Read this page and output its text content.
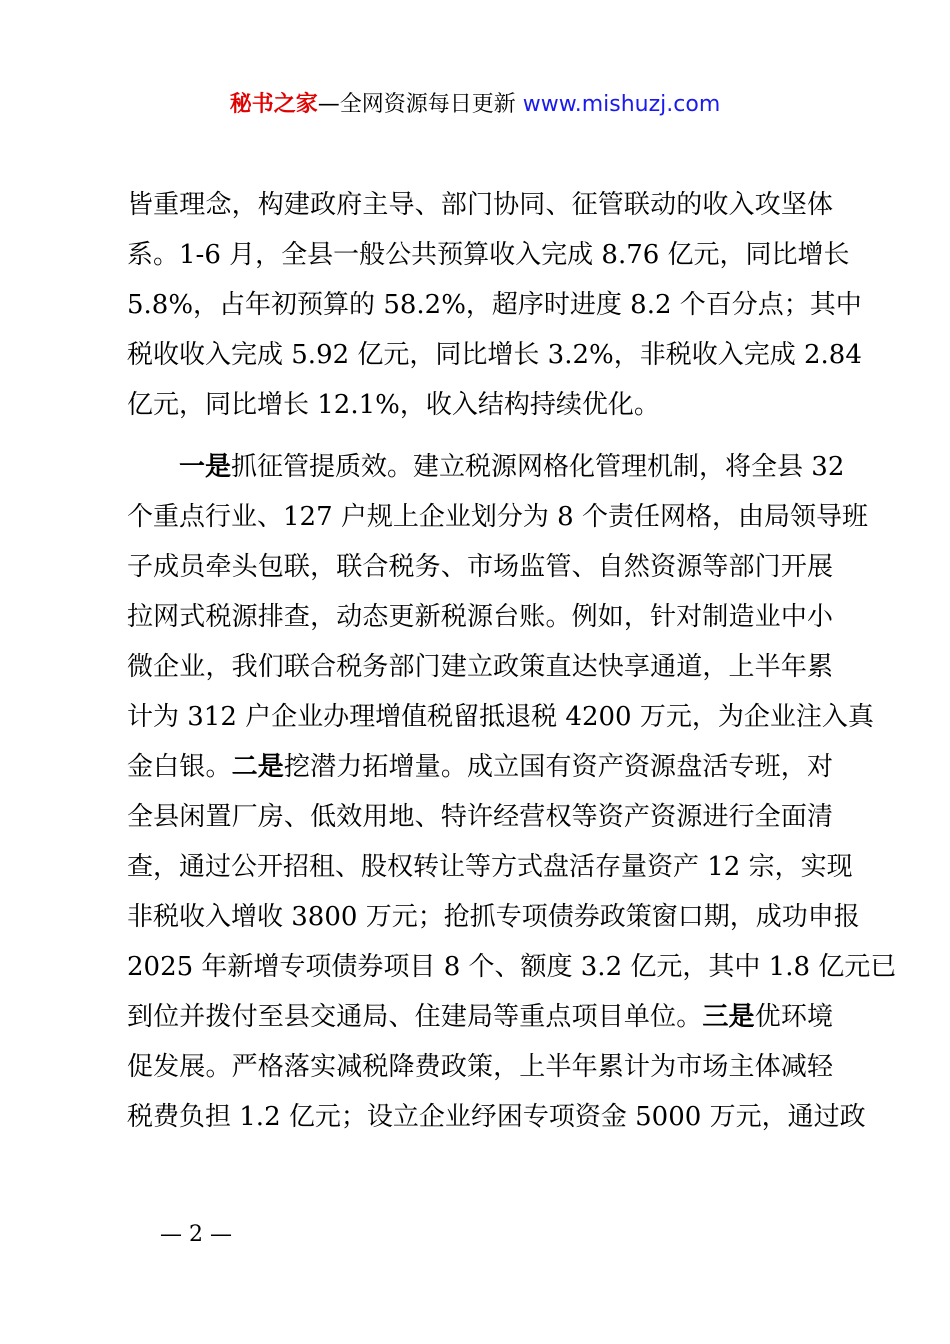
秘书之家—全网资源每日更新 www.mishuzj.com
皆重理念，构建政府主导、部门协同、征管联动的收入攻坚体
系。1-6 月，全县一般公共预算收入完成 8.76 亿元，同比增长
5.8%，占年初预算的 58.2%，超序时进度 8.2 个百分点；其中
税收收入完成 5.92 亿元，同比增长 3.2%，非税收入完成 2.84
亿元，同比增长 12.1%，收入结构持续优化。
一是抓征管提质效。建立税源网格化管理机制，将全县 32
个重点行业、127 户规上企业划分为 8 个责任网格，由局领导班
子成员牵头包联，联合税务、市场监管、自然资源等部门开展
拉网式税源排查，动态更新税源台账。例如，针对制造业中小
微企业，我们联合税务部门建立政策直达快享通道，上半年累
计为 312 户企业办理增值税留抵退税 4200 万元，为企业注入真
金白银。二是挖潜力拓增量。成立国有资产资源盘活专班，对
全县闲置厂房、低效用地、特许经营权等资产资源进行全面清
查，通过公开招租、股权转让等方式盘活存量资产 12 宗，实现
非税收入增收 3800 万元；抢抓专项债券政策窗口期，成功申报
2025 年新增专项债券项目 8 个、额度 3.2 亿元，其中 1.8 亿元已
到位并拨付至县交通局、住建局等重点项目单位。三是优环境
促发展。严格落实减税降费政策，上半年累计为市场主体减轻
税费负担 1.2 亿元；设立企业纾困专项资金 5000 万元，通过政
— 2 —
